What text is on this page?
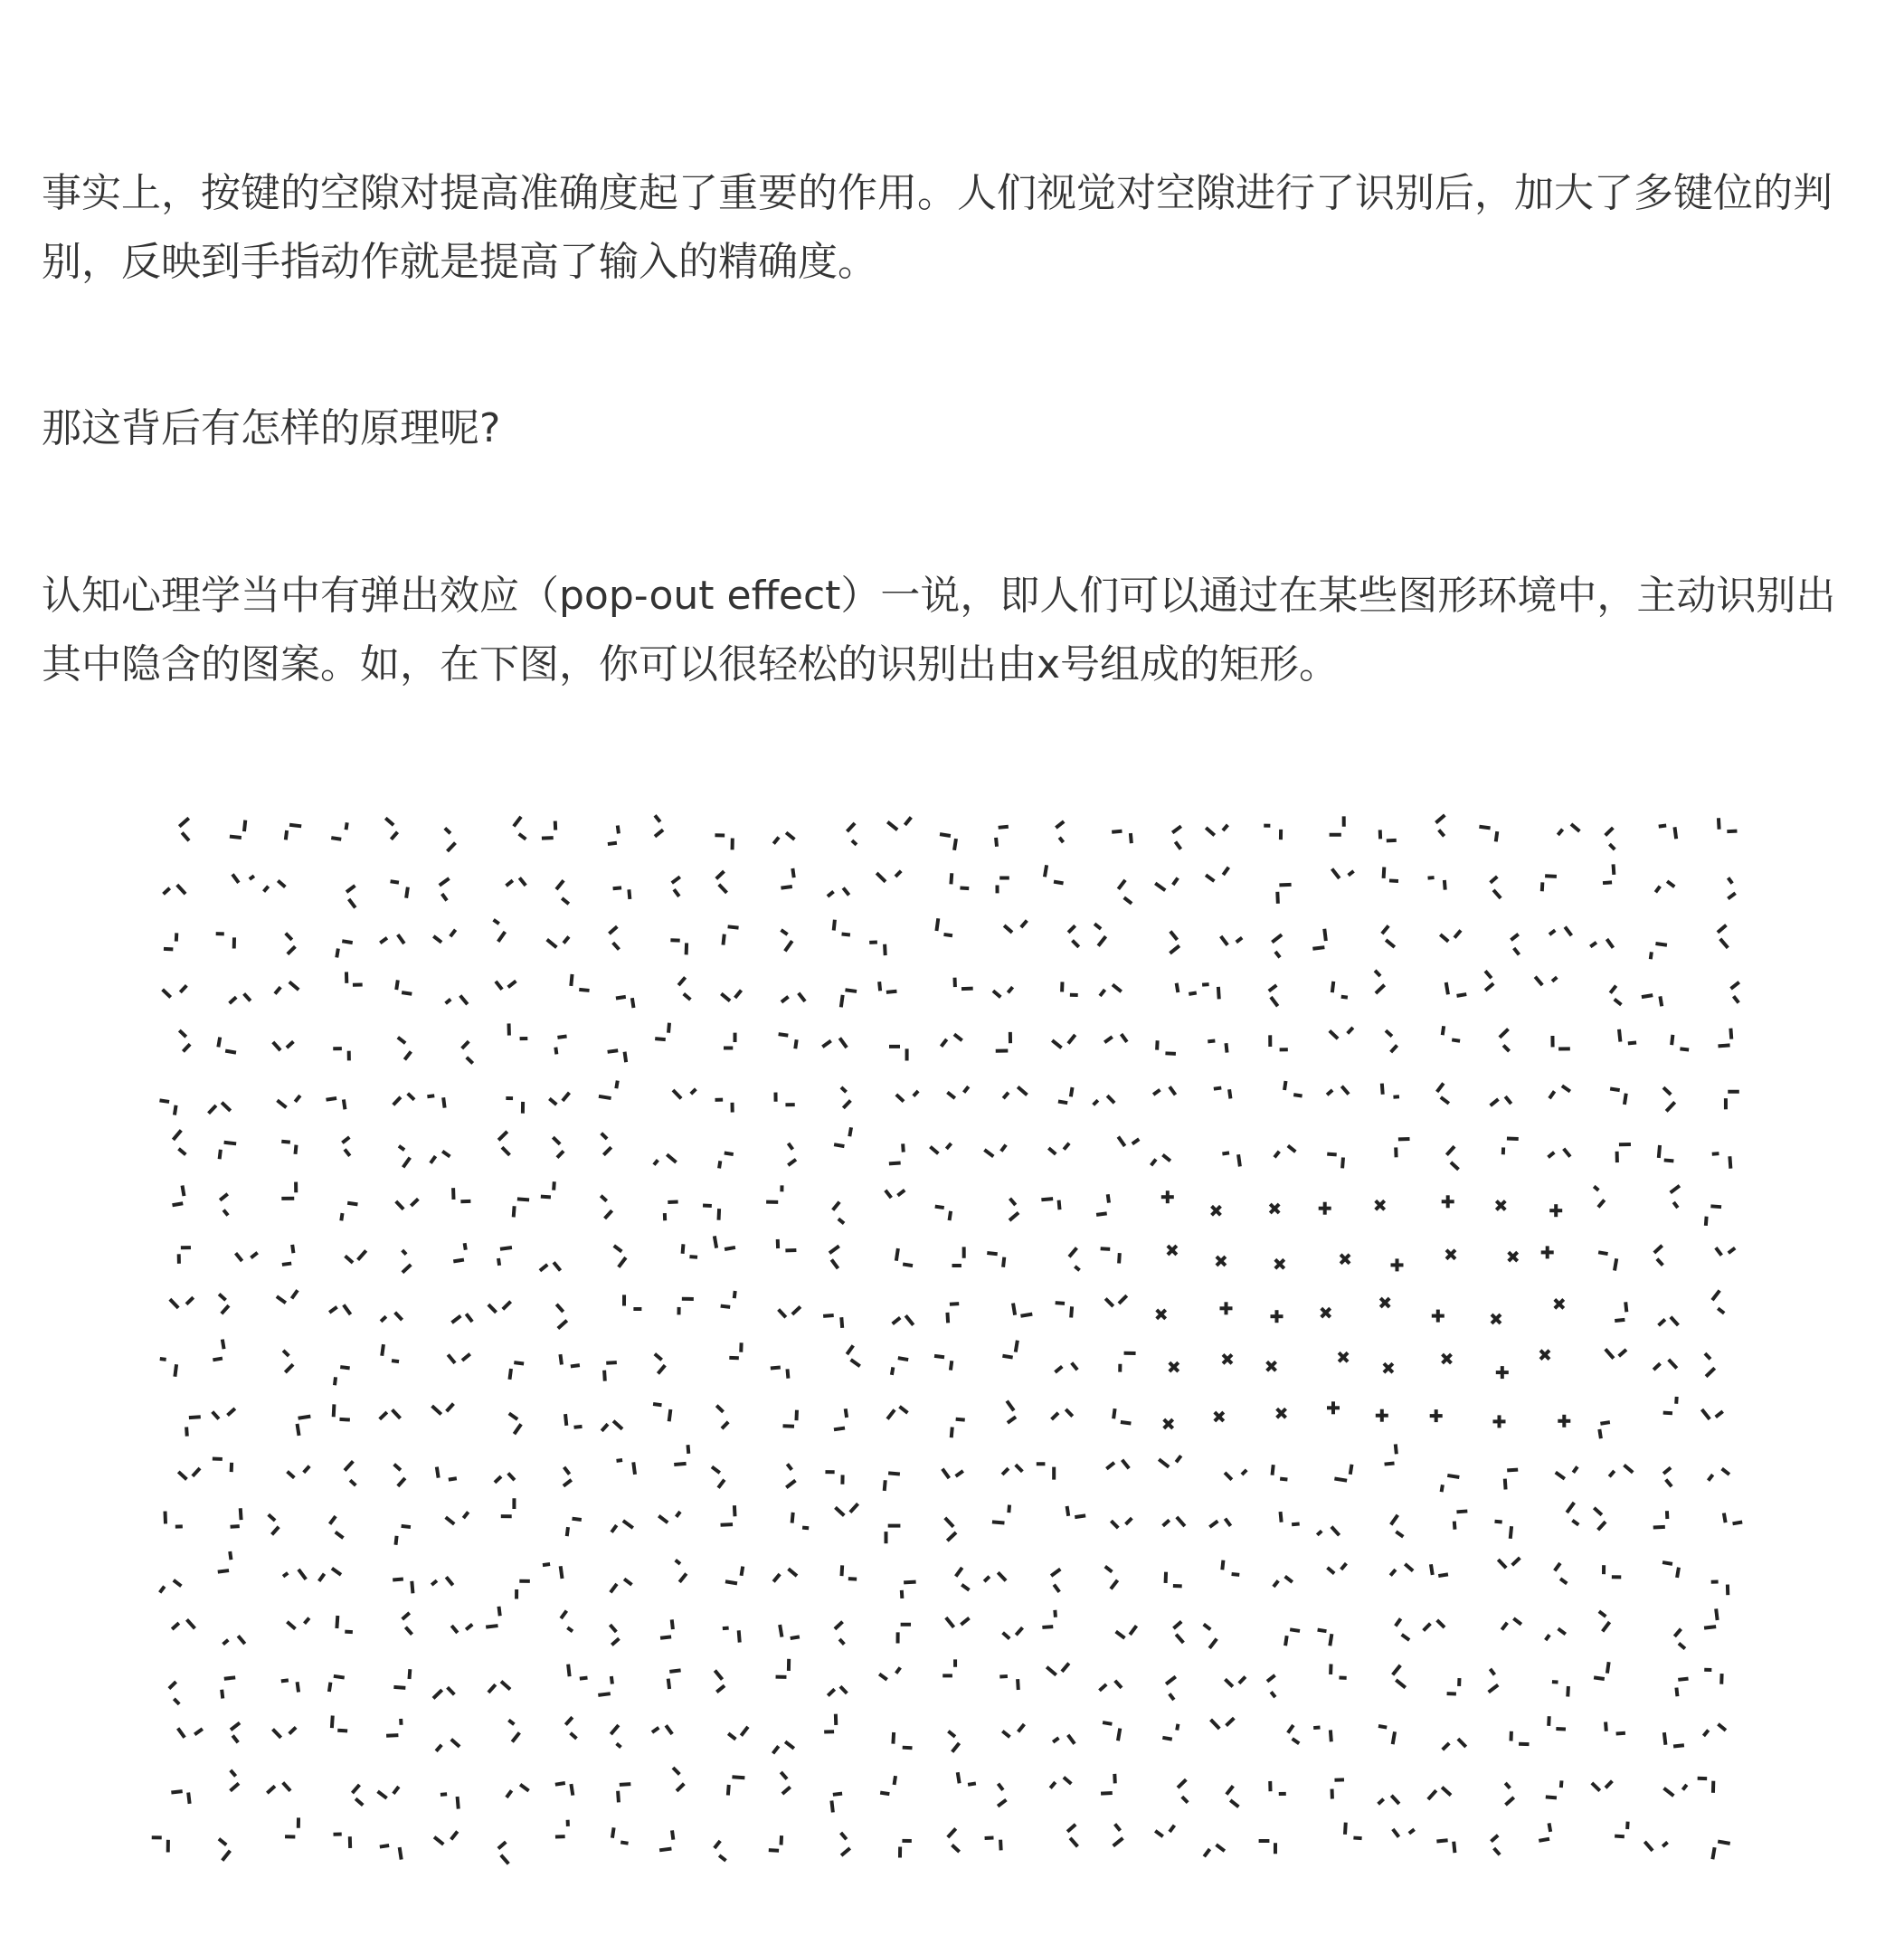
事实上，按键的空隙对提高准确度起了重要的作用。人们视觉对空隙进行了识别后，加大了多键位的判别，反映到手指动作就是提高了输入的精确度。

那这背后有怎样的原理呢?

认知心理学当中有弹出效应（pop-out effect）一说，即人们可以通过在某些图形环境中，主动识别出其中隐含的图案。如，在下图，你可以很轻松的识别出由x号组成的矩形。
